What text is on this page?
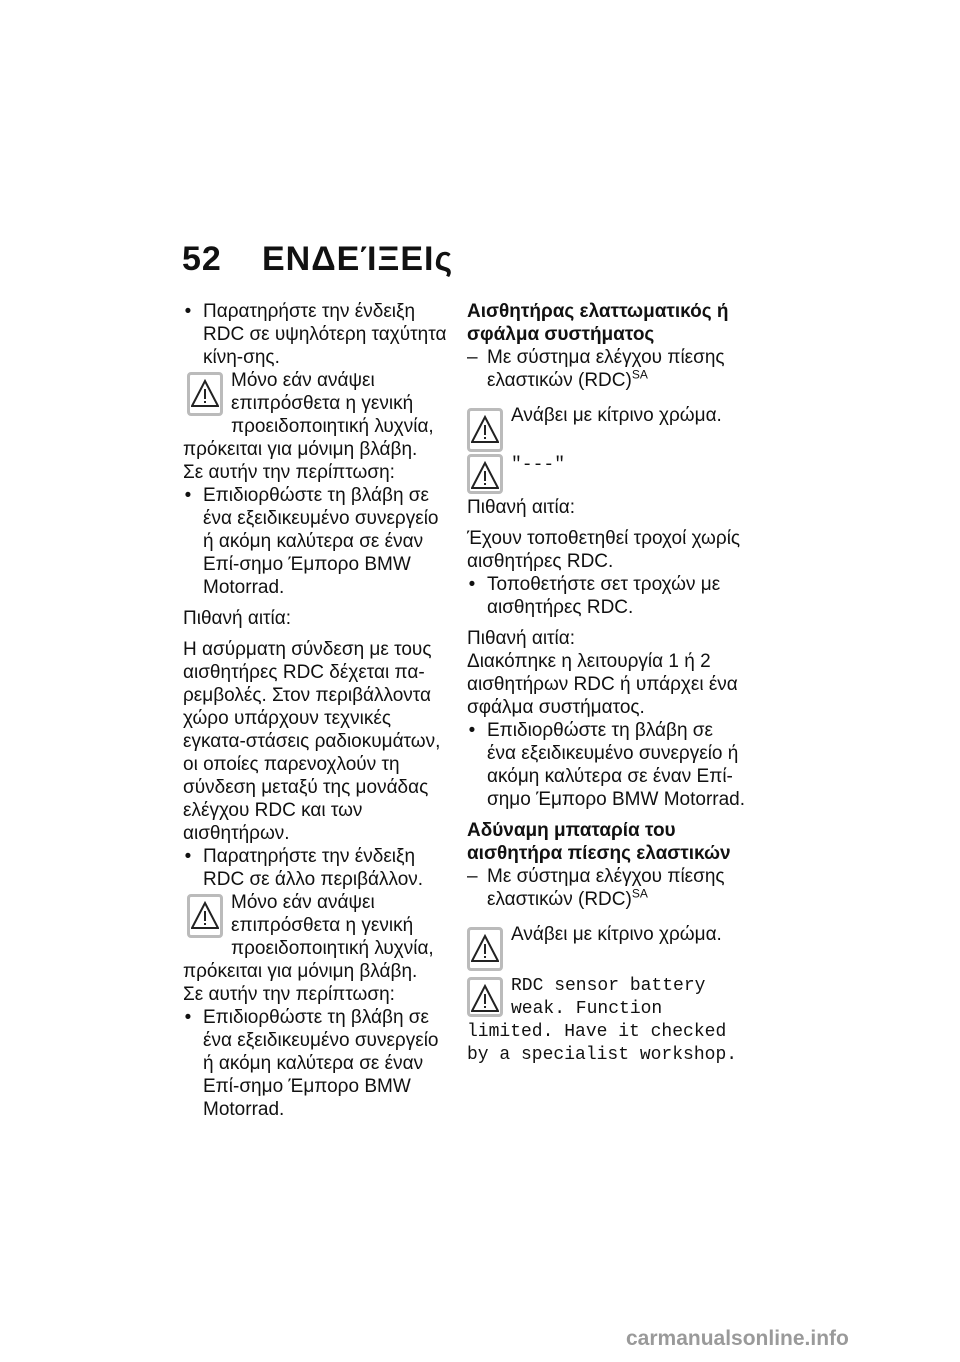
52 ΕΝΔΕΊΞΕΙς

• Παρατηρήστε την ένδειξη RDC σε υψηλότερη ταχύτητα κίνη-σης.

Μόνο εάν ανάψει επιπρόσθετα η γενική προειδοποιητική λυχνία, πρόκειται για μόνιμη βλάβη.

Σε αυτήν την περίπτωση:

• Επιδιορθώστε τη βλάβη σε ένα εξειδικευμένο συνεργείο ή ακόμη καλύτερα σε έναν Επί-σημο Έμπορο BMW Motorrad.

Πιθανή αιτία:

Η ασύρματη σύνδεση με τους αισθητήρες RDC δέχεται πα-ρεμβολές. Στον περιβάλλοντα χώρο υπάρχουν τεχνικές εγκατα-στάσεις ραδιοκυμάτων, οι οποίες παρενοχλούν τη σύνδεση μεταξύ της μονάδας ελέγχου RDC και των αισθητήρων.

• Παρατηρήστε την ένδειξη RDC σε άλλο περιβάλλον.

Μόνο εάν ανάψει επιπρόσθετα η γενική προειδοποιητική λυχνία, πρόκειται για μόνιμη βλάβη.

Σε αυτήν την περίπτωση:

• Επιδιορθώστε τη βλάβη σε ένα εξειδικευμένο συνεργείο ή ακόμη καλύτερα σε έναν Επί-σημο Έμπορο BMW Motorrad.

Αισθητήρας ελαττωματικός ή σφάλμα συστήματος

– Με σύστημα ελέγχου πίεσης ελαστικών (RDC)$^{SA}$

Ανάβει με κίτρινο χρώμα.

"---"

Πιθανή αιτία:

Έχουν τοποθετηθεί τροχοί χωρίς αισθητήρες RDC.

• Τοποθετήστε σετ τροχών με αισθητήρες RDC.

Πιθανή αιτία:

Διακόπηκε η λειτουργία 1 ή 2 αισθητήρων RDC ή υπάρχει ένα σφάλμα συστήματος.

• Επιδιορθώστε τη βλάβη σε ένα εξειδικευμένο συνεργείο ή ακόμη καλύτερα σε έναν Επί-σημο Έμπορο BMW Motorrad.

Αδύναμη μπαταρία του αισθητήρα πίεσης ελαστικών

– Με σύστημα ελέγχου πίεσης ελαστικών (RDC)$^{SA}$

Ανάβει με κίτρινο χρώμα.

RDC sensor battery weak. Function limited. Have it checked by a specialist workshop.

carmanualsonline.info
